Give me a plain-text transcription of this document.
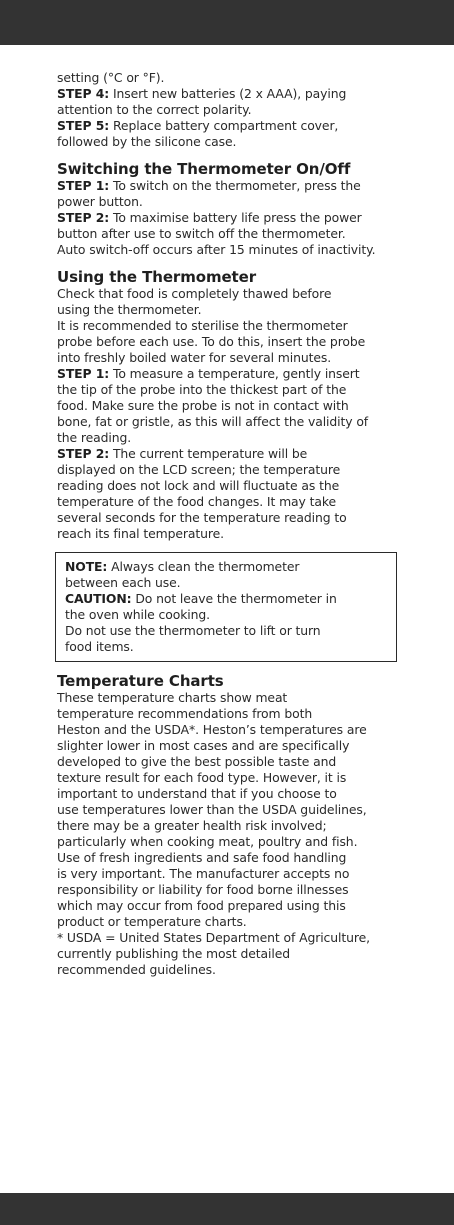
setting (°C or °F).
STEP 4: Insert new batteries (2 x AAA), paying
attention to the correct polarity.
STEP 5: Replace battery compartment cover,
followed by the silicone case.
Switching the Thermometer On/Off
STEP 1: To switch on the thermometer, press the
power button.
STEP 2: To maximise battery life press the power
button after use to switch off the thermometer.
Auto switch-off occurs after 15 minutes of inactivity.
Using the Thermometer
Check that food is completely thawed before
using the thermometer.
It is recommended to sterilise the thermometer
probe before each use. To do this, insert the probe
into freshly boiled water for several minutes.
STEP 1: To measure a temperature, gently insert
the tip of the probe into the thickest part of the
food. Make sure the probe is not in contact with
bone, fat or gristle, as this will affect the validity of
the reading.
STEP 2: The current temperature will be
displayed on the LCD screen; the temperature
reading does not lock and will fluctuate as the
temperature of the food changes. It may take
several seconds for the temperature reading to
reach its final temperature.
NOTE: Always clean the thermometer
between each use.
CAUTION: Do not leave the thermometer in
the oven while cooking.
Do not use the thermometer to lift or turn
food items.
Temperature Charts
These temperature charts show meat
temperature recommendations from both
Heston and the USDA*. Heston’s temperatures are
slighter lower in most cases and are specifically
developed to give the best possible taste and
texture result for each food type. However, it is
important to understand that if you choose to
use temperatures lower than the USDA guidelines,
there may be a greater health risk involved;
particularly when cooking meat, poultry and fish.
Use of fresh ingredients and safe food handling
is very important. The manufacturer accepts no
responsibility or liability for food borne illnesses
which may occur from food prepared using this
product or temperature charts.
* USDA = United States Department of Agriculture,
currently publishing the most detailed
recommended guidelines.
